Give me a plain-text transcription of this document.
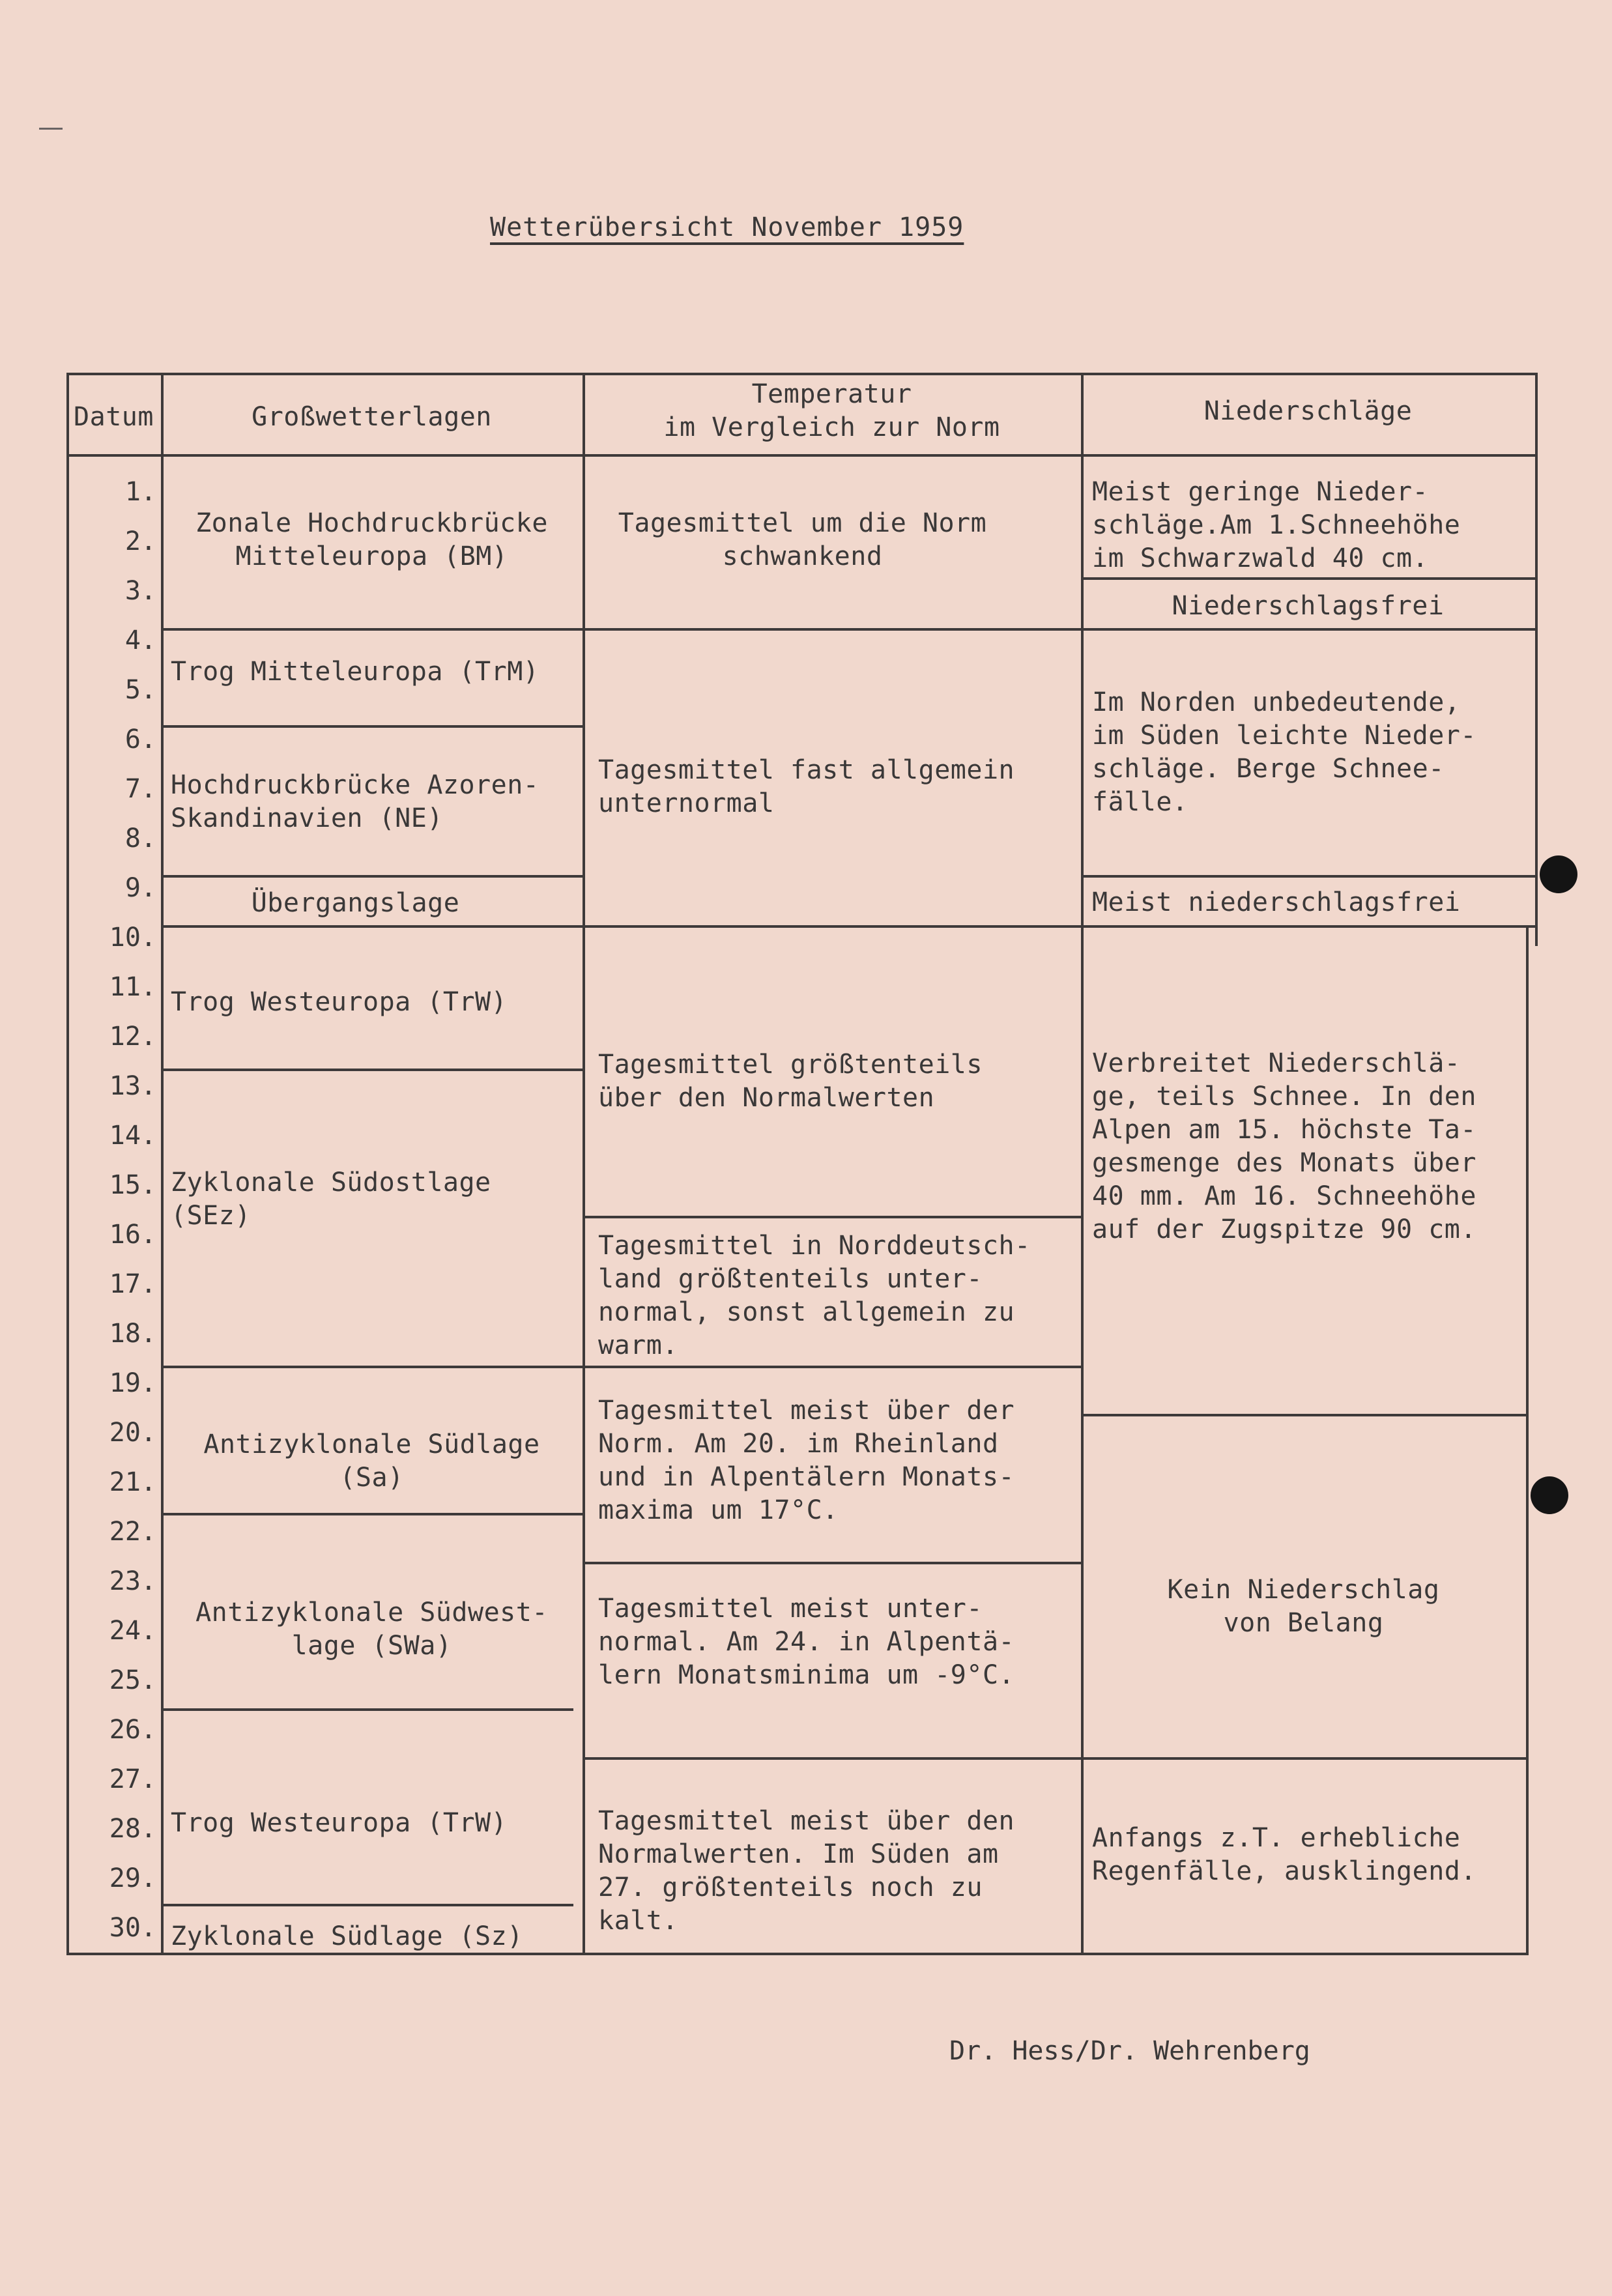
Wetterübersicht November 1959
Datum	Großwetterlagen
Temperatur
im Vergleich zur Norm
Niederschläge
1.
2.
3.
4.
5.
6.
7.
8.
9.
10.
11.
12.
13.
14.
15.
16.
17.
18.
19.
20.
21.
22.
23.
24.
25.
26.
27.
28.
29.
30.
Zonale Hochdruckbrücke
Mitteleuropa (BM)
Trog Mitteleuropa (TrM)
Hochdruckbrücke Azoren-
Skandinavien (NE)
Übergangslage
Trog Westeuropa (TrW)
Zyklonale Südostlage
(SEz)
Antizyklonale Südlage
(Sa)
Antizyklonale Südwest-
lage (SWa)
Trog Westeuropa (TrW)
Zyklonale Südlage (Sz)
Tagesmittel um die Norm
schwankend
Tagesmittel fast allgemein
unternormal
Tagesmittel größtenteils
über den Normalwerten
Tagesmittel in Norddeutsch-
land größtenteils unter-
normal, sonst allgemein zu
warm.
Tagesmittel meist über der
Norm. Am 20. im Rheinland
und in Alpentälern Monats-
maxima um 17°C.
Tagesmittel meist unter-
normal. Am 24. in Alpentä-
lern Monatsminima um -9°C.
Tagesmittel meist über den
Normalwerten. Im Süden am
27. größtenteils noch zu
kalt.
Meist geringe Nieder-
schläge.Am 1.Schneehöhe
im Schwarzwald 40 cm.
Niederschlagsfrei
Im Norden unbedeutende,
im Süden leichte Nieder-
schläge. Berge Schnee-
fälle.
Meist niederschlagsfrei
Verbreitet Niederschlä-
ge, teils Schnee. In den
Alpen am 15. höchste Ta-
gesmenge des Monats über
40 mm. Am 16. Schneehöhe
auf der Zugspitze 90 cm.
Kein Niederschlag
von Belang
Anfangs z.T. erhebliche
Regenfälle, ausklingend.
Dr. Hess/Dr. Wehrenberg
